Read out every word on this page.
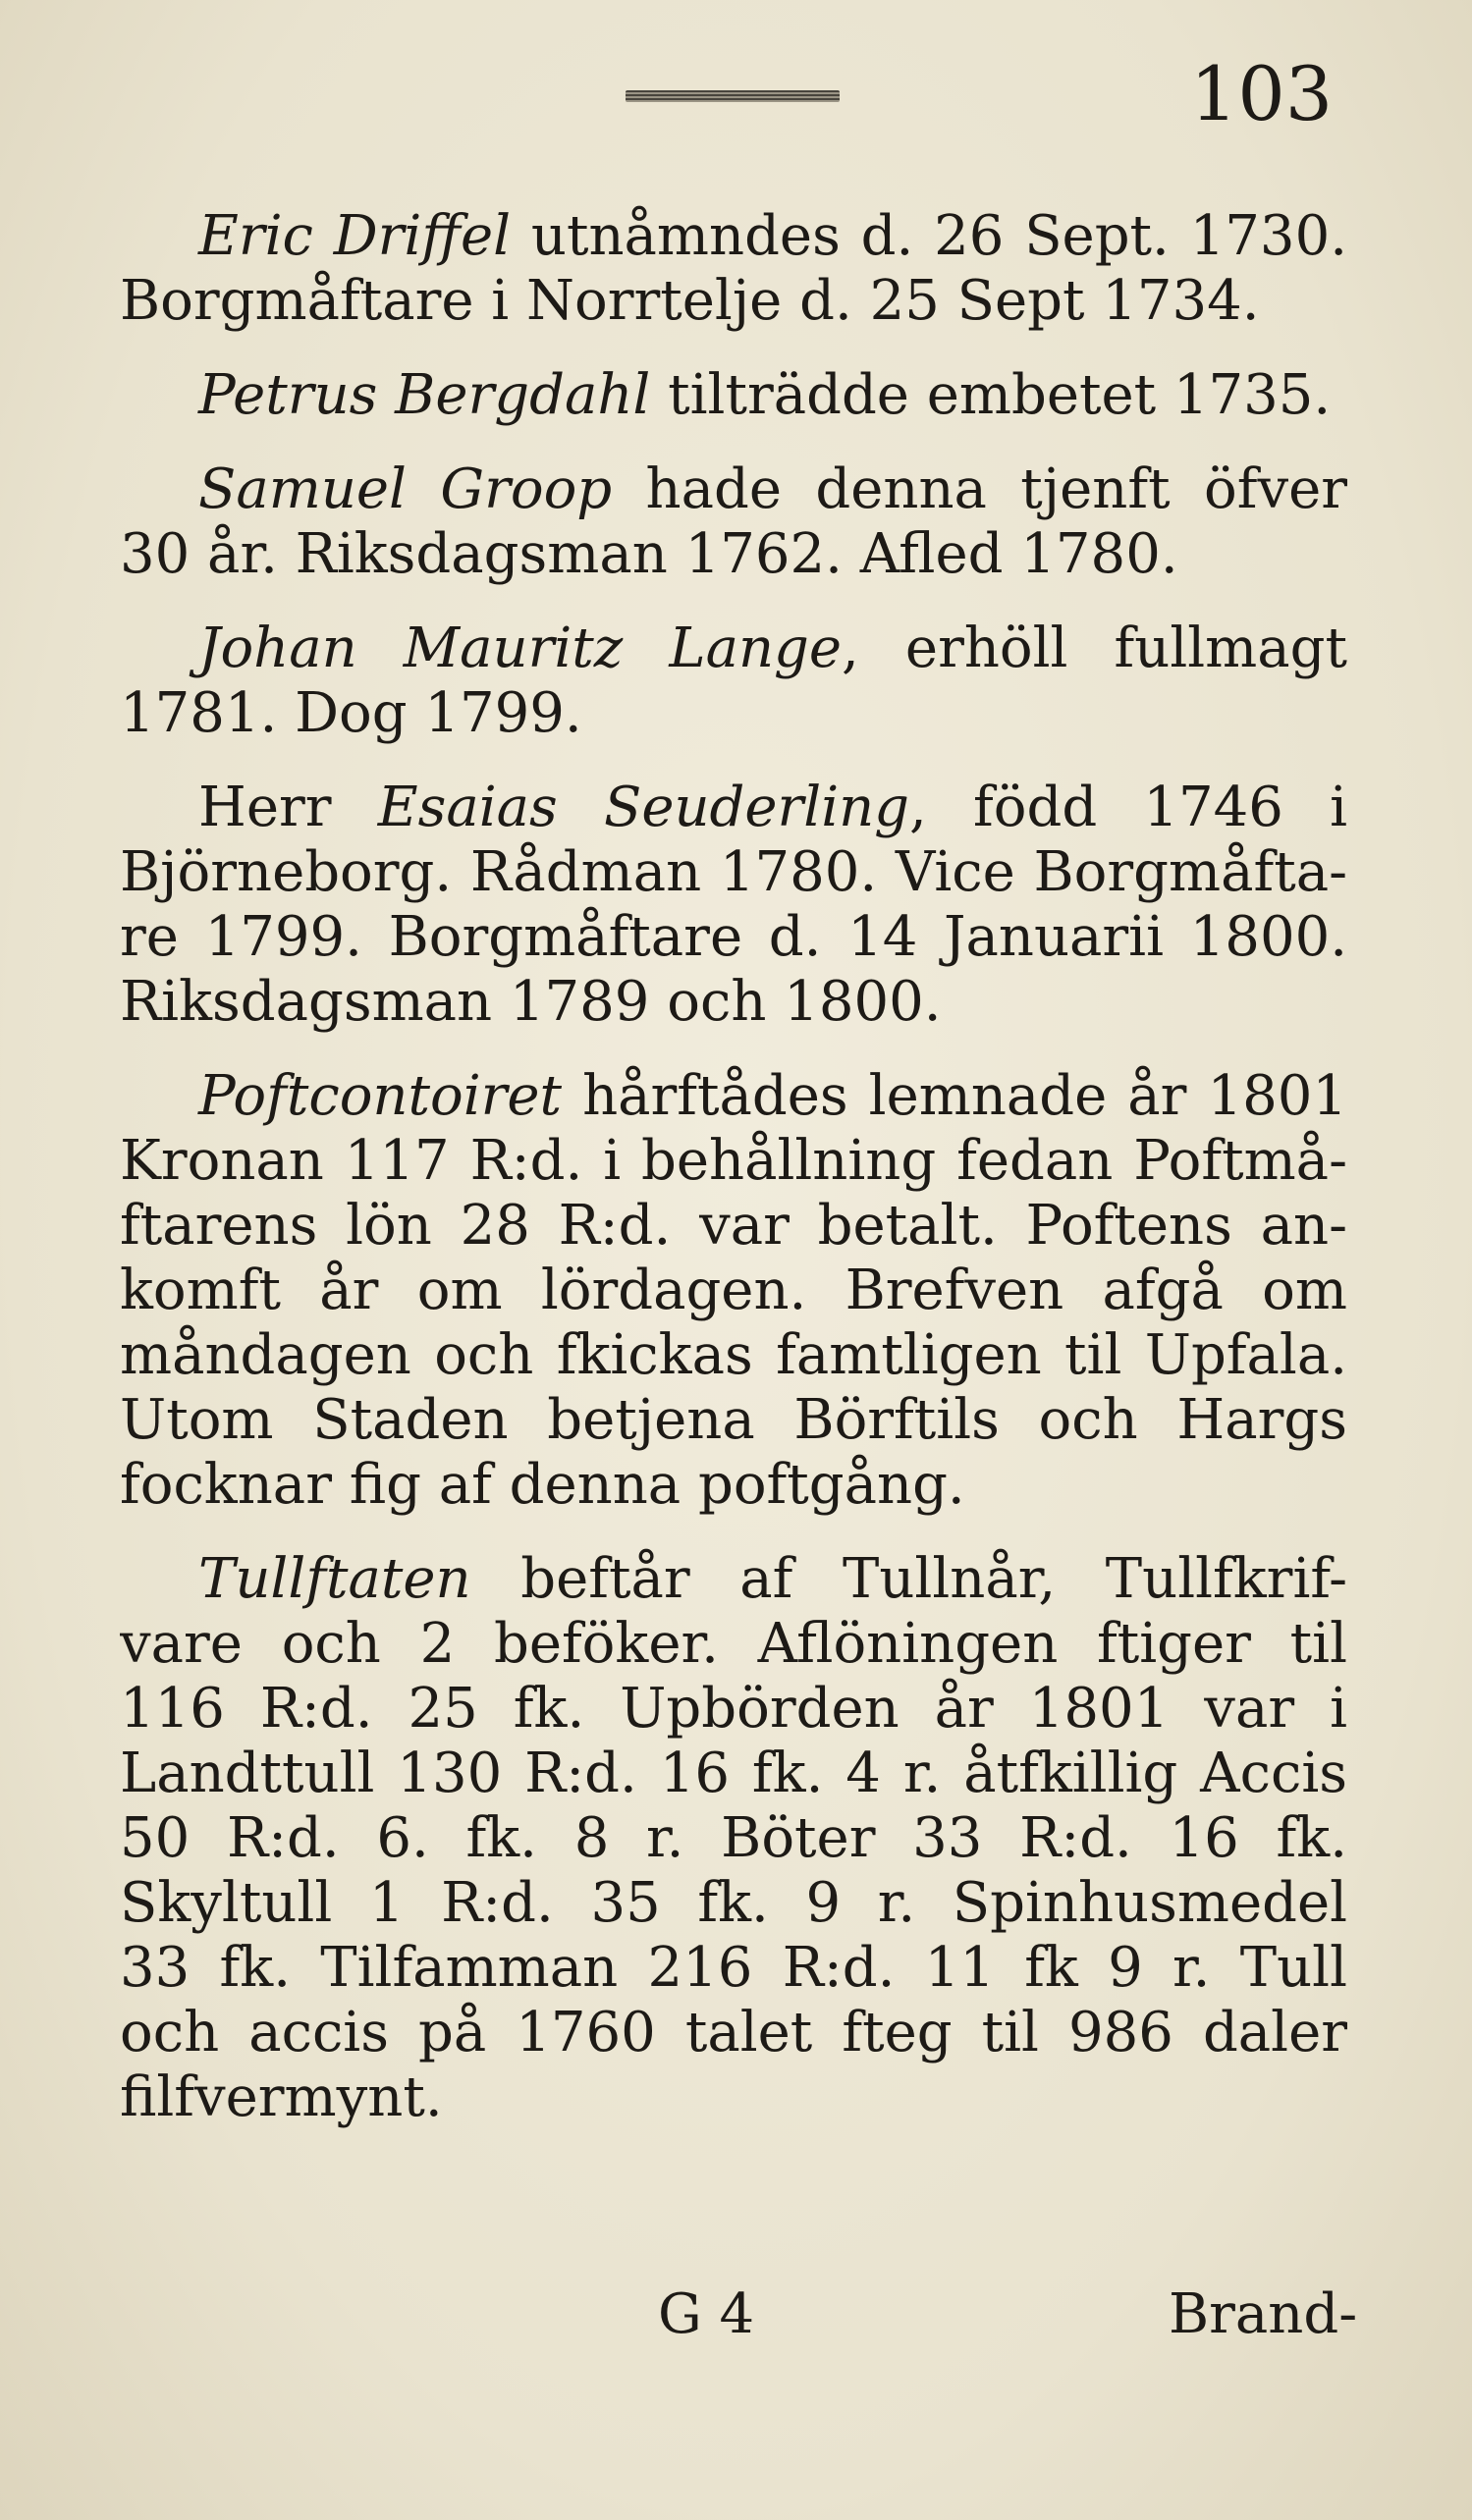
103
Eric Driffel utnåmndes d. 26 Sept. 1730.
Borgmåftare i Norrtelje d. 25 Sept 1734.
Petrus Bergdahl tilträdde embetet 1735.
Samuel Groop hade denna tjenft öfver
30 år. Riksdagsman 1762. Afled 1780.
Johan Mauritz Lange, erhöll fullmagt
1781. Dog 1799.
Herr Esaias Seuderling, född 1746 i
Björneborg. Rådman 1780. Vice Borgmåfta-
re 1799. Borgmåftare d. 14 Januarii 1800.
Riksdagsman 1789 och 1800.
Poftcontoiret hårftådes lemnade år 1801
Kronan 117 R:d. i behållning fedan Poftmå-
ftarens lön 28 R:d. var betalt. Poftens an-
komft år om lördagen. Brefven afgå om
måndagen och fkickas famtligen til Upfala.
Utom Staden betjena Börftils och Hargs
focknar fig af denna poftgång.
Tullftaten beftår af Tullnår, Tullfkrif-
vare och 2 beföker. Aflöningen ftiger til
116 R:d. 25 fk. Upbörden år 1801 var i
Landttull 130 R:d. 16 fk. 4 r. åtfkillig Accis
50 R:d. 6. fk. 8 r. Böter 33 R:d. 16 fk.
Skyltull 1 R:d. 35 fk. 9 r. Spinhusmedel
33 fk. Tilfamman 216 R:d. 11 fk 9 r. Tull
och accis på 1760 talet fteg til 986 daler
filfvermynt.
G 4	Brand-
